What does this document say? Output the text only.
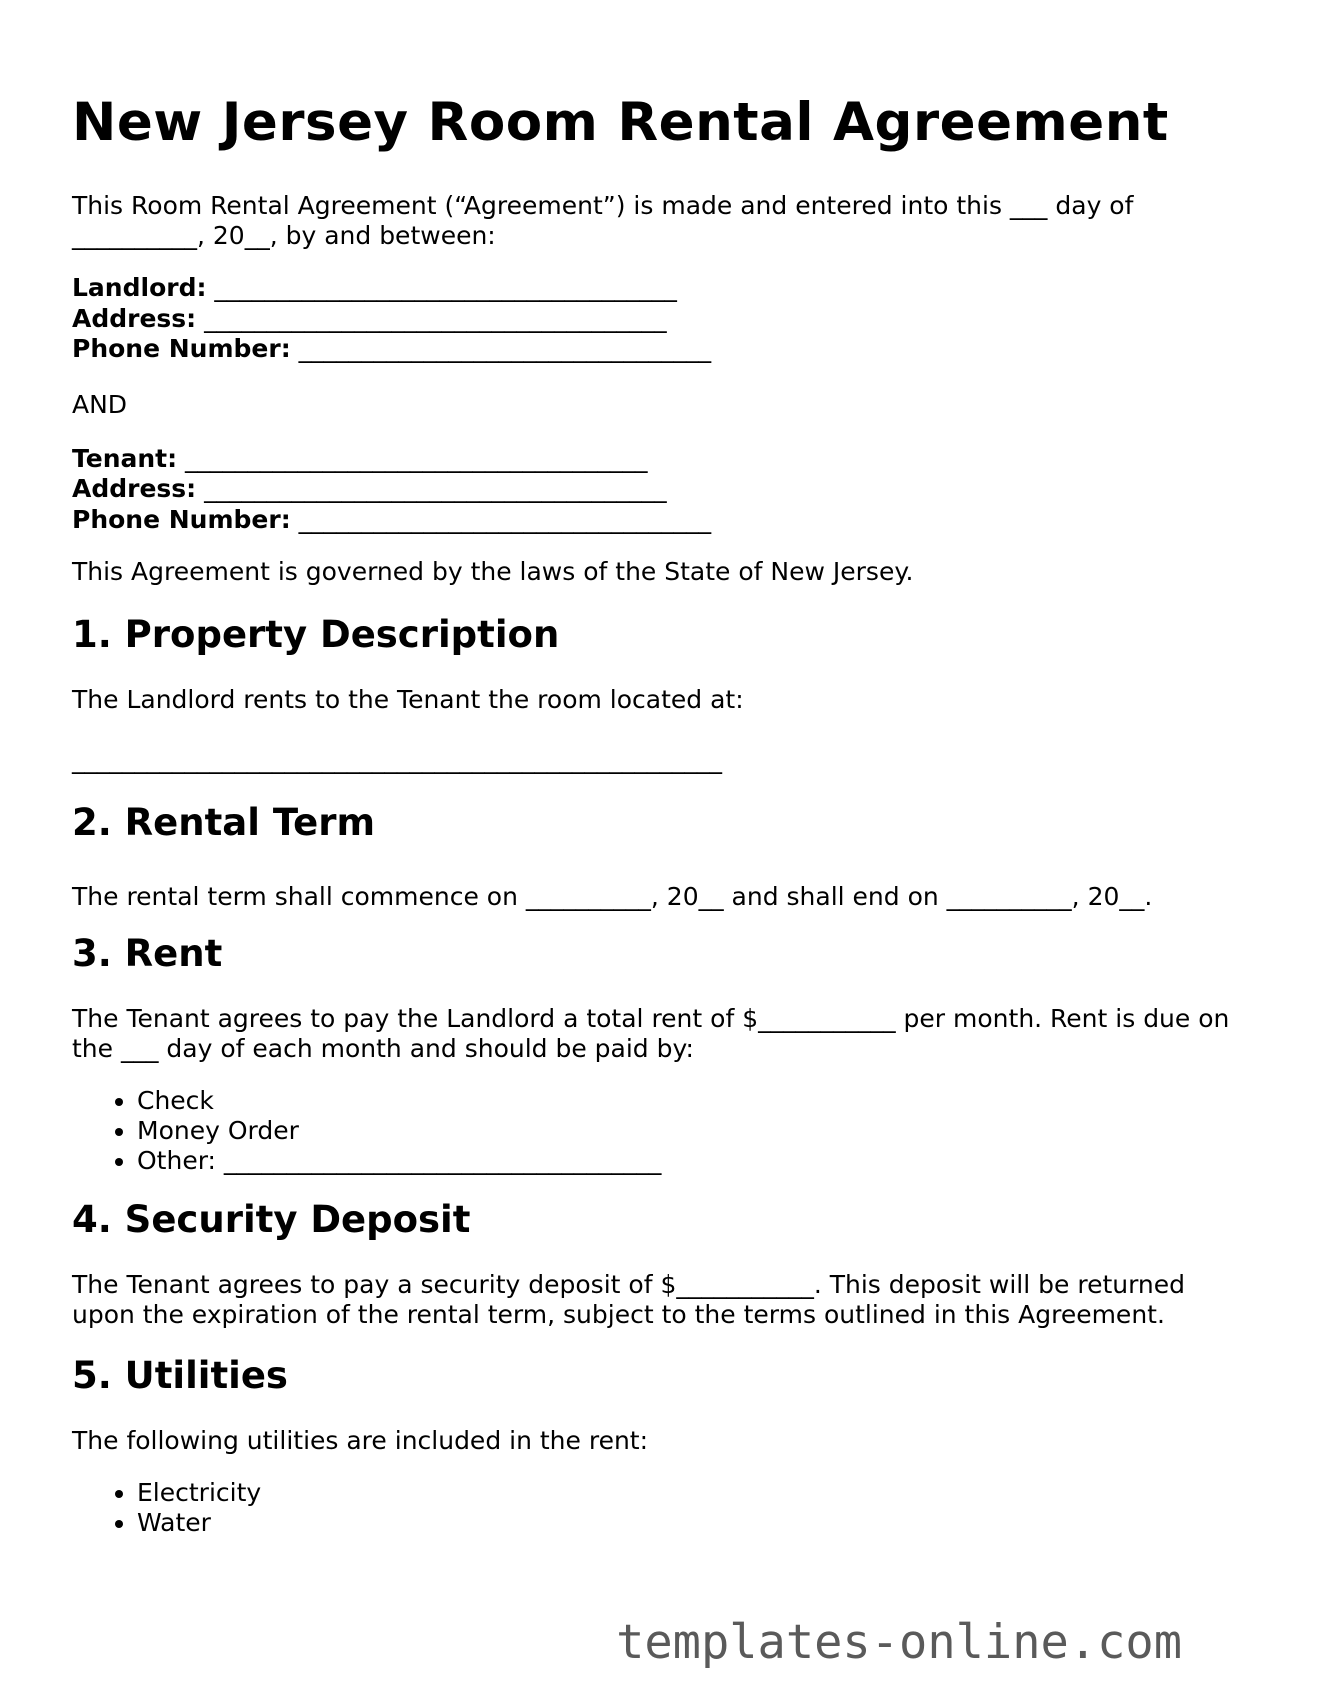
New Jersey Room Rental Agreement

This Room Rental Agreement (“Agreement”) is made and entered into this ___ day of __________, 20__, by and between:

Landlord: _____________________________________
Address: _____________________________________
Phone Number: _________________________________

AND

Tenant: _____________________________________
Address: _____________________________________
Phone Number: _________________________________

This Agreement is governed by the laws of the State of New Jersey.

1. Property Description

The Landlord rents to the Tenant the room located at:

____________________________________________________

2. Rental Term

The rental term shall commence on __________, 20__ and shall end on __________, 20__.

3. Rent

The Tenant agrees to pay the Landlord a total rent of $___________ per month. Rent is due on the ___ day of each month and should be paid by:

• Check
• Money Order
• Other: ___________________________________
4. Security Deposit

The Tenant agrees to pay a security deposit of $___________. This deposit will be returned upon the expiration of the rental term, subject to the terms outlined in this Agreement.

5. Utilities

The following utilities are included in the rent:

• Electricity
• Water
templates-online.com
